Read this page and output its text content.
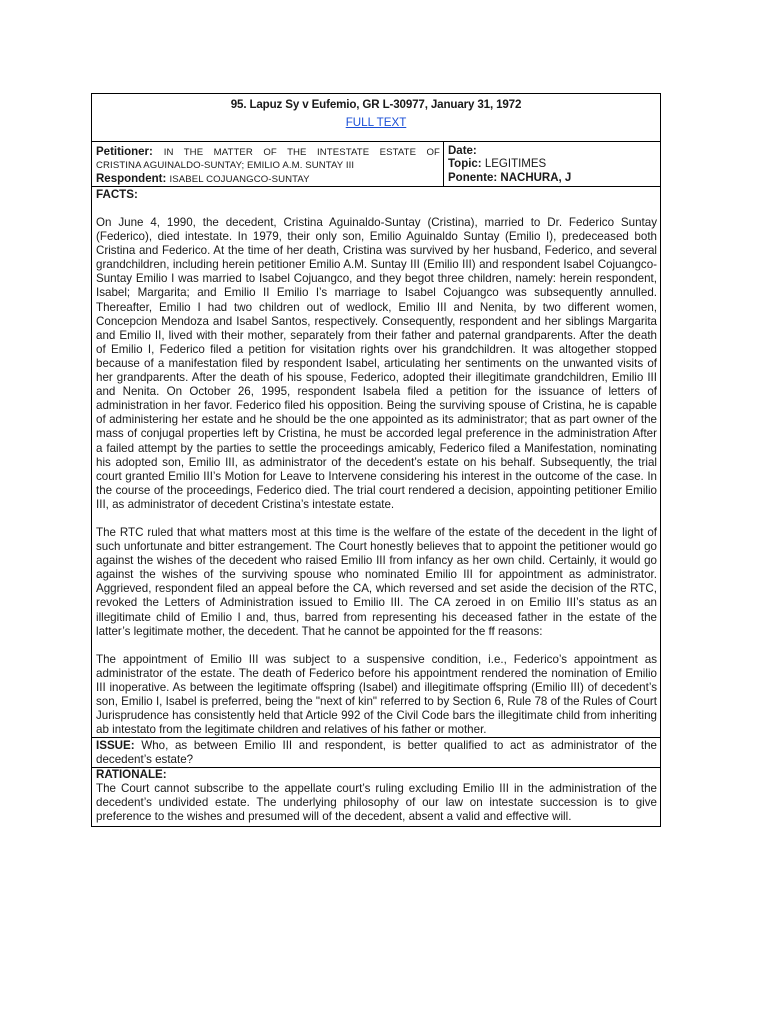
95. Lapuz Sy v Eufemio, GR L-30977, January 31, 1972
FULL TEXT
Petitioner: IN THE MATTER OF THE INTESTATE ESTATE OF
CRISTINA AGUINALDO-SUNTAY; EMILIO A.M. SUNTAY III
Respondent: ISABEL COJUANGCO-SUNTAY
Date:
Topic: LEGITIMES
Ponente: NACHURA, J
FACTS:

On June 4, 1990, the decedent, Cristina Aguinaldo-Suntay (Cristina), married to Dr. Federico Suntay (Federico), died intestate. In 1979, their only son, Emilio Aguinaldo Suntay (Emilio I), predeceased both Cristina and Federico. At the time of her death, Cristina was survived by her husband, Federico, and several grandchildren, including herein petitioner Emilio A.M. Suntay III (Emilio III) and respondent Isabel Cojuangco-Suntay Emilio I was married to Isabel Cojuangco, and they begot three children, namely: herein respondent, Isabel; Margarita; and Emilio II Emilio I’s marriage to Isabel Cojuangco was subsequently annulled. Thereafter, Emilio I had two children out of wedlock, Emilio III and Nenita, by two different women, Concepcion Mendoza and Isabel Santos, respectively. Consequently, respondent and her siblings Margarita and Emilio II, lived with their mother, separately from their father and paternal grandparents. After the death of Emilio I, Federico filed a petition for visitation rights over his grandchildren. It was altogether stopped because of a manifestation filed by respondent Isabel, articulating her sentiments on the unwanted visits of her grandparents. After the death of his spouse, Federico, adopted their illegitimate grandchildren, Emilio III and Nenita. On October 26, 1995, respondent Isabela filed a petition for the issuance of letters of administration in her favor. Federico filed his opposition. Being the surviving spouse of Cristina, he is capable of administering her estate and he should be the one appointed as its administrator; that as part owner of the mass of conjugal properties left by Cristina, he must be accorded legal preference in the administration After a failed attempt by the parties to settle the proceedings amicably, Federico filed a Manifestation, nominating his adopted son, Emilio III, as administrator of the decedent’s estate on his behalf. Subsequently, the trial court granted Emilio III’s Motion for Leave to Intervene considering his interest in the outcome of the case. In the course of the proceedings, Federico died. The trial court rendered a decision, appointing petitioner Emilio III, as administrator of decedent Cristina’s intestate estate.

The RTC ruled that what matters most at this time is the welfare of the estate of the decedent in the light of such unfortunate and bitter estrangement. The Court honestly believes that to appoint the petitioner would go against the wishes of the decedent who raised Emilio III from infancy as her own child. Certainly, it would go against the wishes of the surviving spouse who nominated Emilio III for appointment as administrator. Aggrieved, respondent filed an appeal before the CA, which reversed and set aside the decision of the RTC, revoked the Letters of Administration issued to Emilio III. The CA zeroed in on Emilio III’s status as an illegitimate child of Emilio I and, thus, barred from representing his deceased father in the estate of the latter’s legitimate mother, the decedent. That he cannot be appointed for the ff reasons:

The appointment of Emilio III was subject to a suspensive condition, i.e., Federico’s appointment as administrator of the estate. The death of Federico before his appointment rendered the nomination of Emilio III inoperative. As between the legitimate offspring (Isabel) and illegitimate offspring (Emilio III) of decedent’s son, Emilio I, Isabel is preferred, being the "next of kin" referred to by Section 6, Rule 78 of the Rules of Court Jurisprudence has consistently held that Article 992 of the Civil Code bars the illegitimate child from inheriting ab intestato from the legitimate children and relatives of his father or mother.

ISSUE: Who, as between Emilio III and respondent, is better qualified to act as administrator of the decedent’s estate?
RATIONALE:

The Court cannot subscribe to the appellate court’s ruling excluding Emilio III in the administration of the decedent’s undivided estate. The underlying philosophy of our law on intestate succession is to give preference to the wishes and presumed will of the decedent, absent a valid and effective will.
